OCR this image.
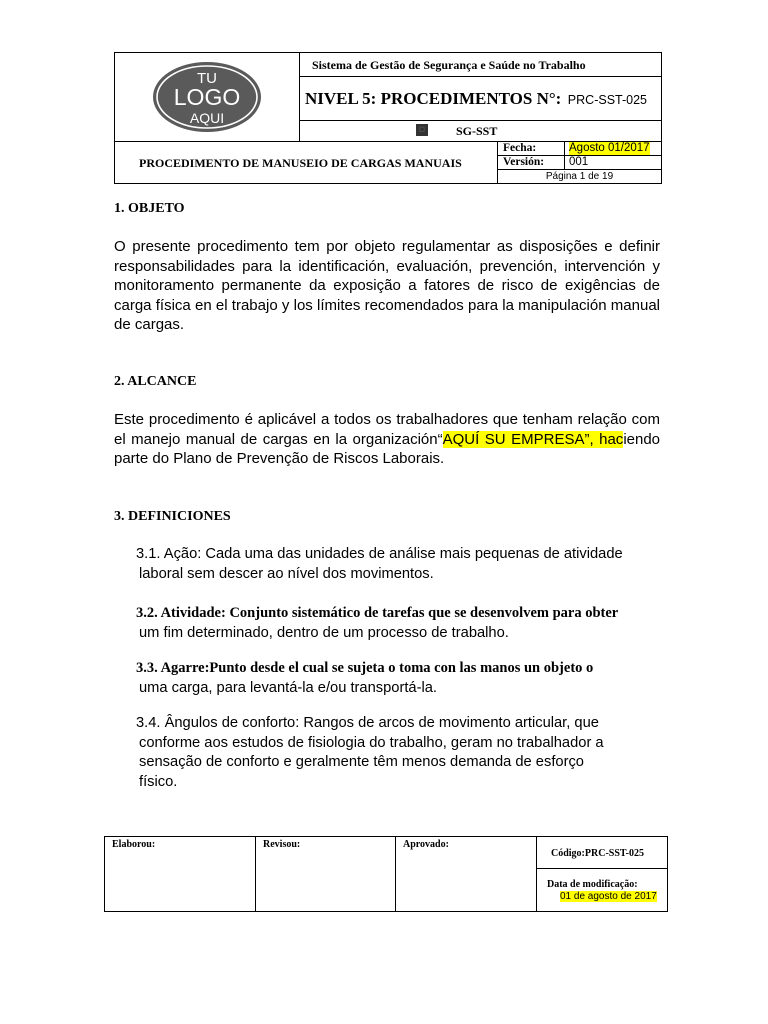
TU
LOGO
AQUI
Sistema de Gestão de Segurança e Saúde no Trabalho
NIVEL 5: PROCEDIMENTOS N°: PRC-SST-025
◻	SG-SST
PROCEDIMENTO DE MANUSEIO DE CARGAS MANUAIS
Fecha:	Agosto 01/2017
Versión:	001
Página 1 de 19
1. OBJETO

O presente procedimento tem por objeto regulamentar as disposições e definir responsabilidades para la identificación, evaluación, prevención, intervención y monitoramento permanente da exposição a fatores de risco de exigências de carga física en el trabajo y los límites recomendados para la manipulación manual de cargas.

2. ALCANCE

Este procedimento é aplicável a todos os trabalhadores que tenham relação com el manejo manual de cargas en la organización“AQUÍ SU EMPRESA”, haciendo parte do Plano de Prevenção de Riscos Laborais.

3. DEFINICIONES

3.1. Ação: Cada uma das unidades de análise mais pequenas de atividade
laboral sem descer ao nível dos movimentos.

3.2. Atividade: Conjunto sistemático de tarefas que se desenvolvem para obter
um fim determinado, dentro de um processo de trabalho.

3.3. Agarre:Punto desde el cual se sujeta o toma con las manos un objeto o
uma carga, para levantá-la e/ou transportá-la.

3.4. Ângulos de conforto: Rangos de arcos de movimento articular, que
conforme aos estudos de fisiologia do trabalho, geram no trabalhador a sensação de conforto e geralmente têm menos demanda de esforço físico.

Elaborou:	Revisou:	Aprovado:
Código:PRC-SST-025
Data de modificação:
01 de agosto de 2017
